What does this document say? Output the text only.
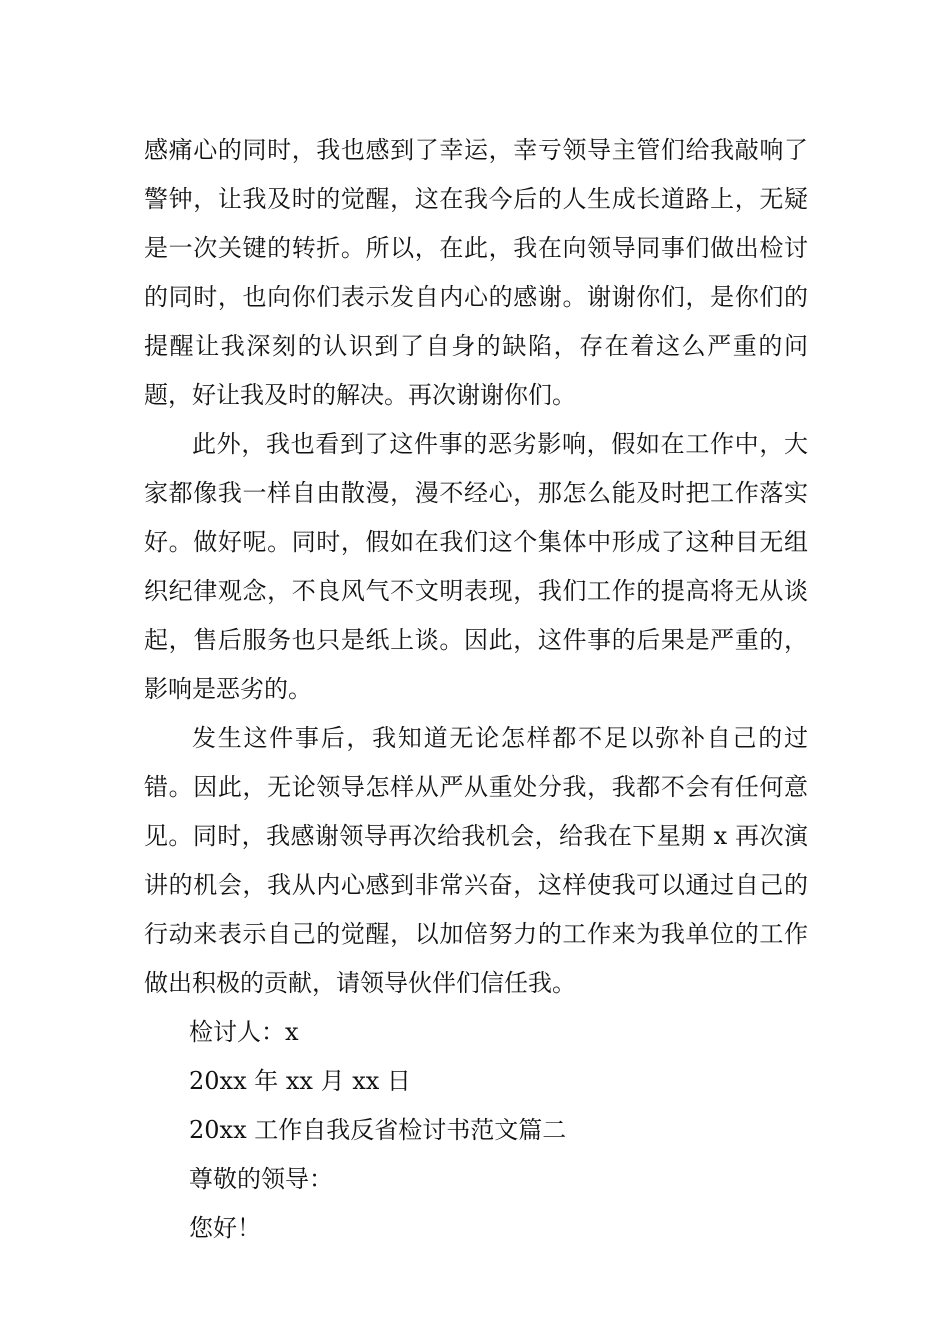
感痛心的同时，我也感到了幸运，幸亏领导主管们给我敲响了警钟，让我及时的觉醒，这在我今后的人生成长道路上，无疑是一次关键的转折。所以，在此，我在向领导同事们做出检讨的同时，也向你们表示发自内心的感谢。谢谢你们，是你们的提醒让我深刻的认识到了自身的缺陷，存在着这么严重的问题，好让我及时的解决。再次谢谢你们。

此外，我也看到了这件事的恶劣影响，假如在工作中，大家都像我一样自由散漫，漫不经心，那怎么能及时把工作落实好。做好呢。同时，假如在我们这个集体中形成了这种目无组织纪律观念，不良风气不文明表现，我们工作的提高将无从谈起，售后服务也只是纸上谈。因此，这件事的后果是严重的，影响是恶劣的。

发生这件事后，我知道无论怎样都不足以弥补自己的过错。因此，无论领导怎样从严从重处分我，我都不会有任何意见。同时，我感谢领导再次给我机会，给我在下星期 x 再次演讲的机会，我从内心感到非常兴奋，这样使我可以通过自己的行动来表示自己的觉醒，以加倍努力的工作来为我单位的工作做出积极的贡献，请领导伙伴们信任我。

检讨人：x

20xx 年 xx 月 xx 日

20xx 工作自我反省检讨书范文篇二

尊敬的领导：

您好！
